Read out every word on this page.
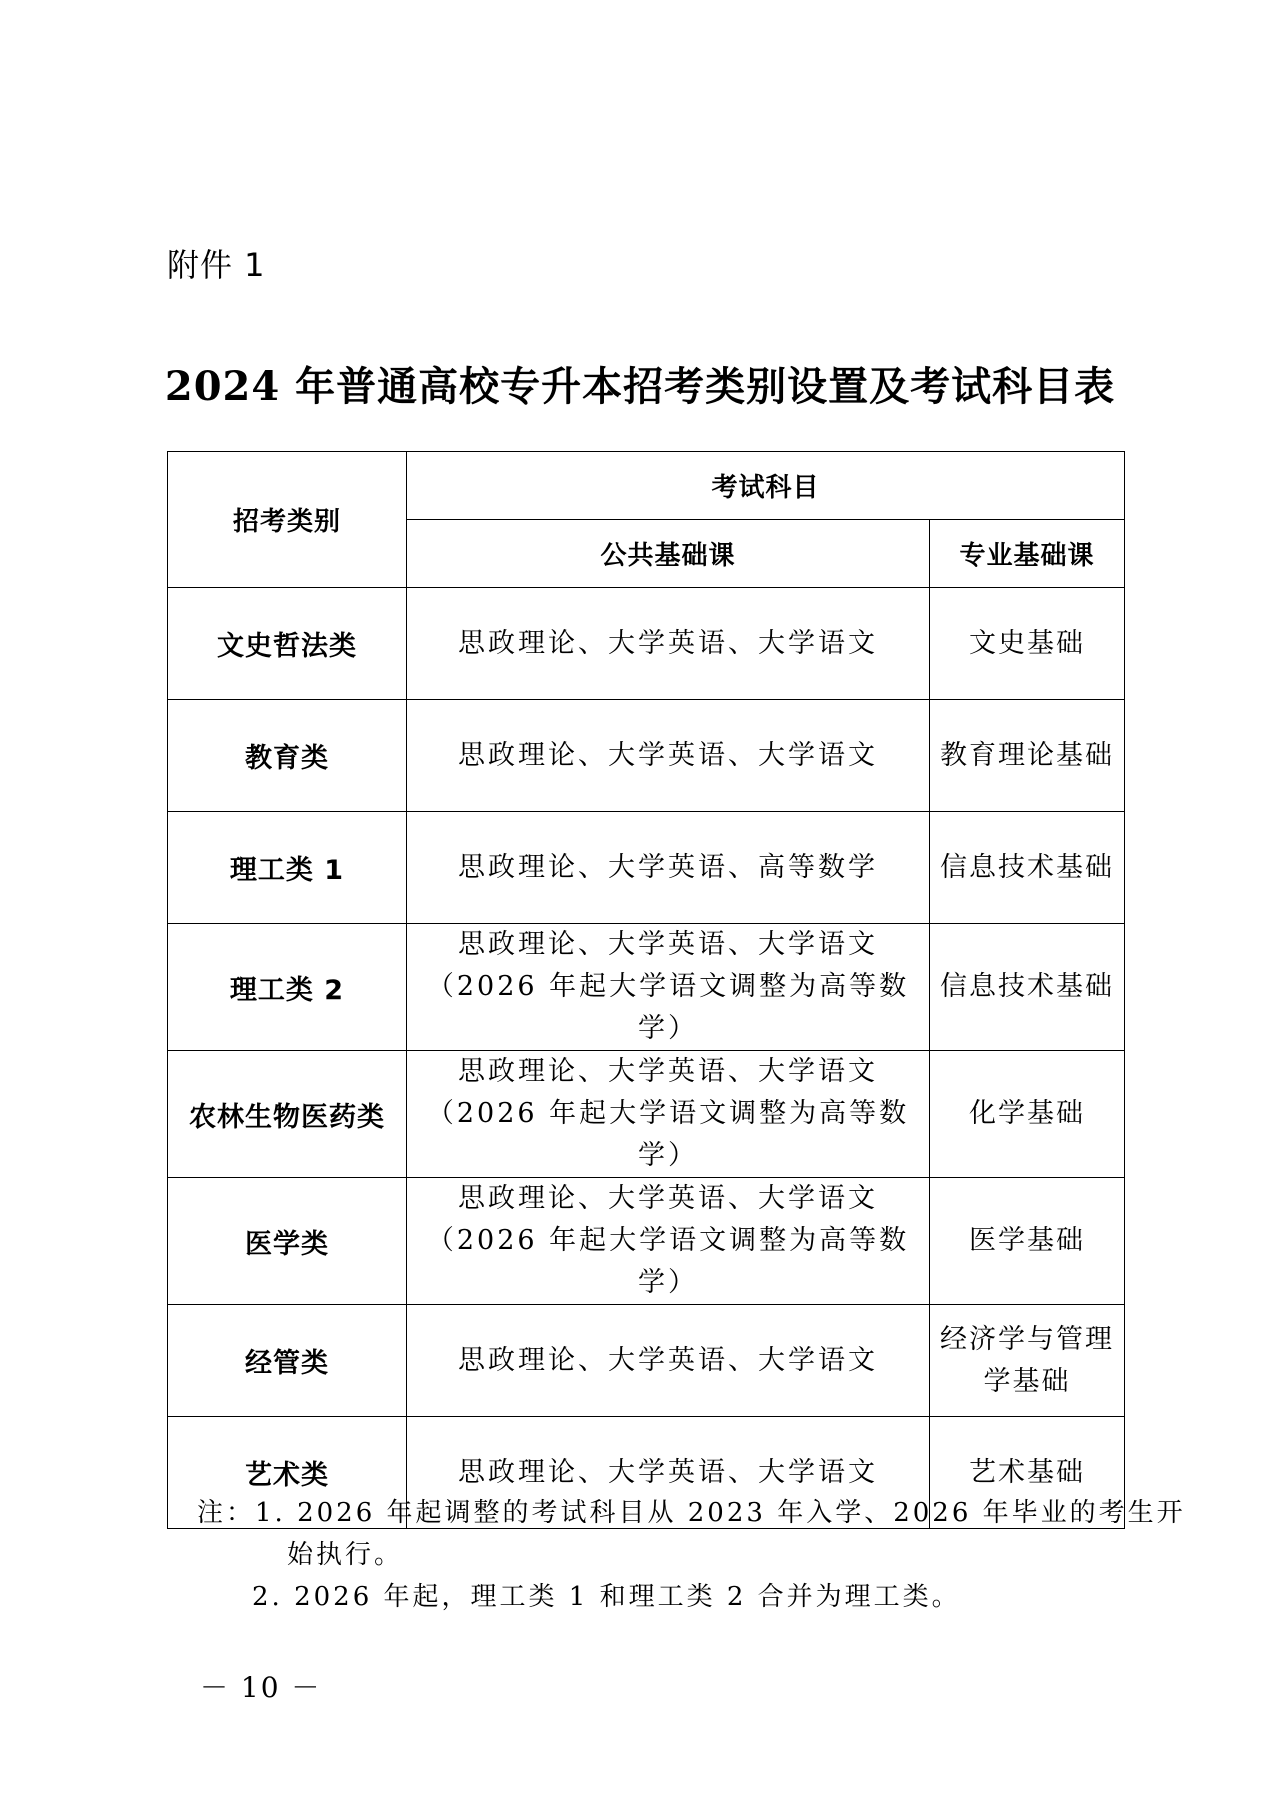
附件 1
2024 年普通高校专升本招考类别设置及考试科目表
招考类别	考试科目	
	公共基础课	专业基础课
文史哲法类	思政理论、大学英语、大学语文	文史基础

教育类	思政理论、大学英语、大学语文	教育理论基础

理工类 1	思政理论、大学英语、高等数学	信息技术基础

理工类 2	思政理论、大学英语、大学语文
（2026 年起大学语文调整为高等数学）	信息技术基础

农林生物医药类	思政理论、大学英语、大学语文
（2026 年起大学语文调整为高等数学）	化学基础

医学类	思政理论、大学英语、大学语文
（2026 年起大学语文调整为高等数学）	医学基础

经管类	思政理论、大学英语、大学语文	经济学与管理
学基础

艺术类	思政理论、大学英语、大学语文	艺术基础
注：1. 2026 年起调整的考试科目从 2023 年入学、2026 年毕业的考生开
始执行。
2. 2026 年起，理工类 1 和理工类 2 合并为理工类。
－ 10 －
